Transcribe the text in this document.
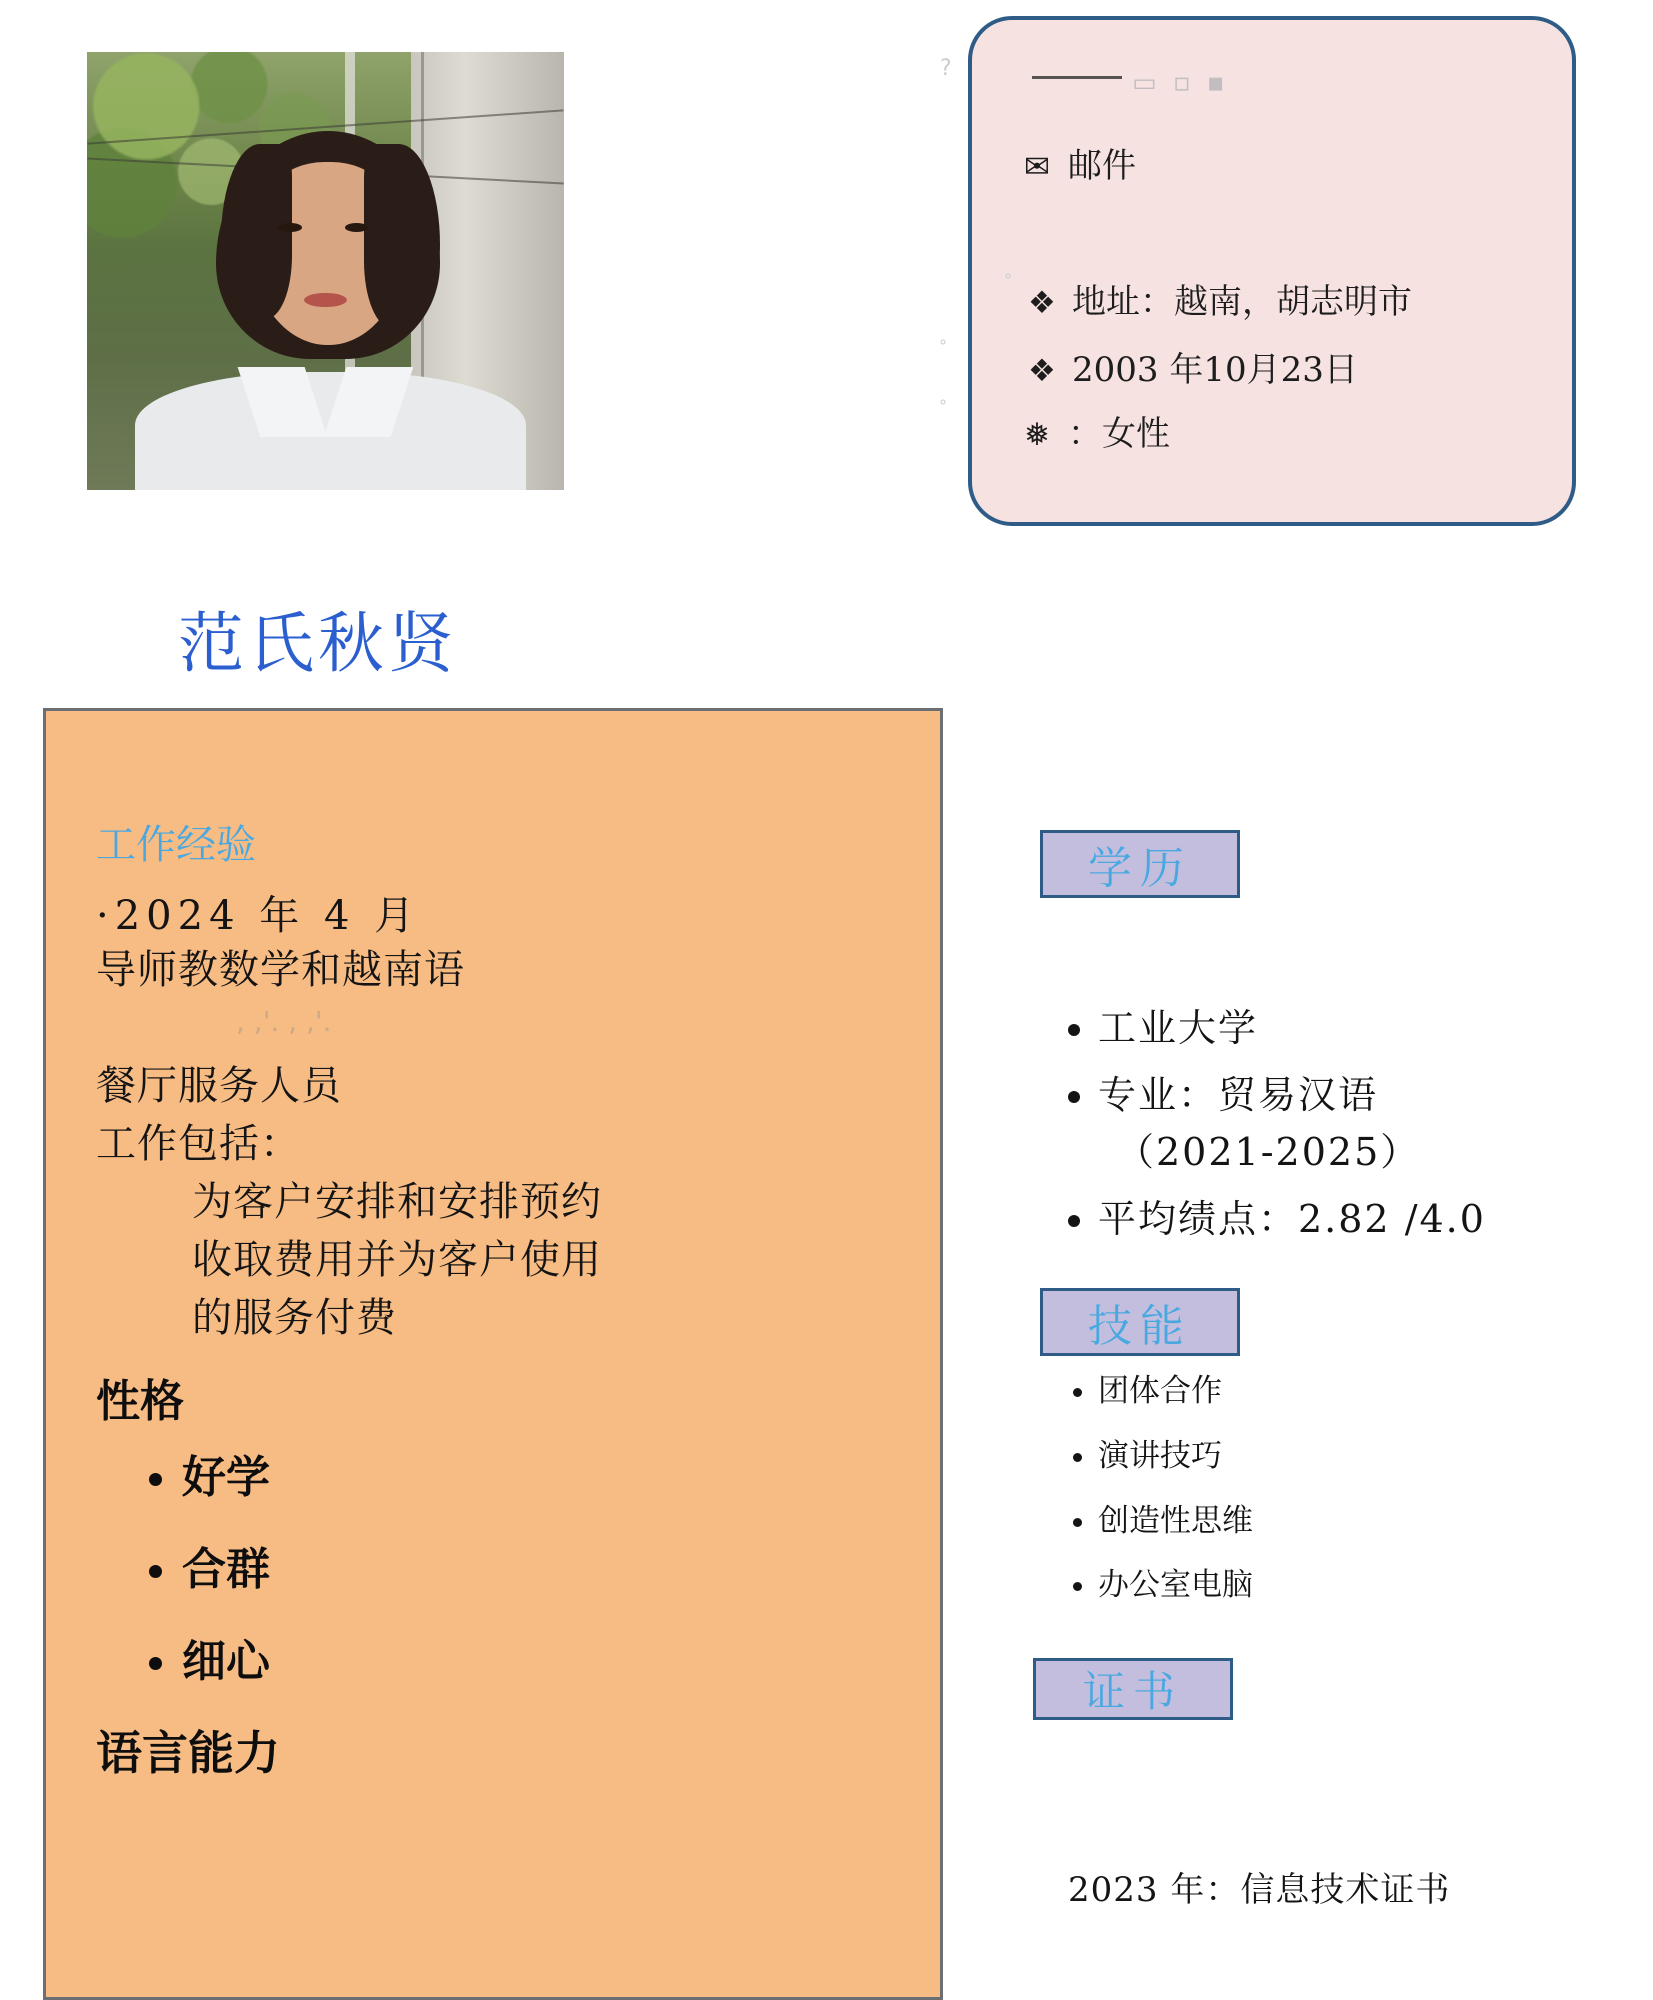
▭ ▫ ▪
✉ 邮件
❖ 地址：越南，胡志明市
❖ 2003 年10月23日
❅ ：女性
?
∘
∘
∘
范氏秋贤
工作经验
·2024 年 4 月
导师教数学和越南语
, ,'. , ,'.
餐厅服务人员
工作包括：
为客户安排和安排预约
收取费用并为客户使用
的服务付费
性格
• 好学
• 合群
• 细心
语言能力
学历
• 工业大学
• 专业：贸易汉语
（2021-2025）
• 平均绩点：2.82 /4.0
技能
• 团体合作
• 演讲技巧
• 创造性思维
• 办公室电脑
证书
2023 年：信息技术证书
